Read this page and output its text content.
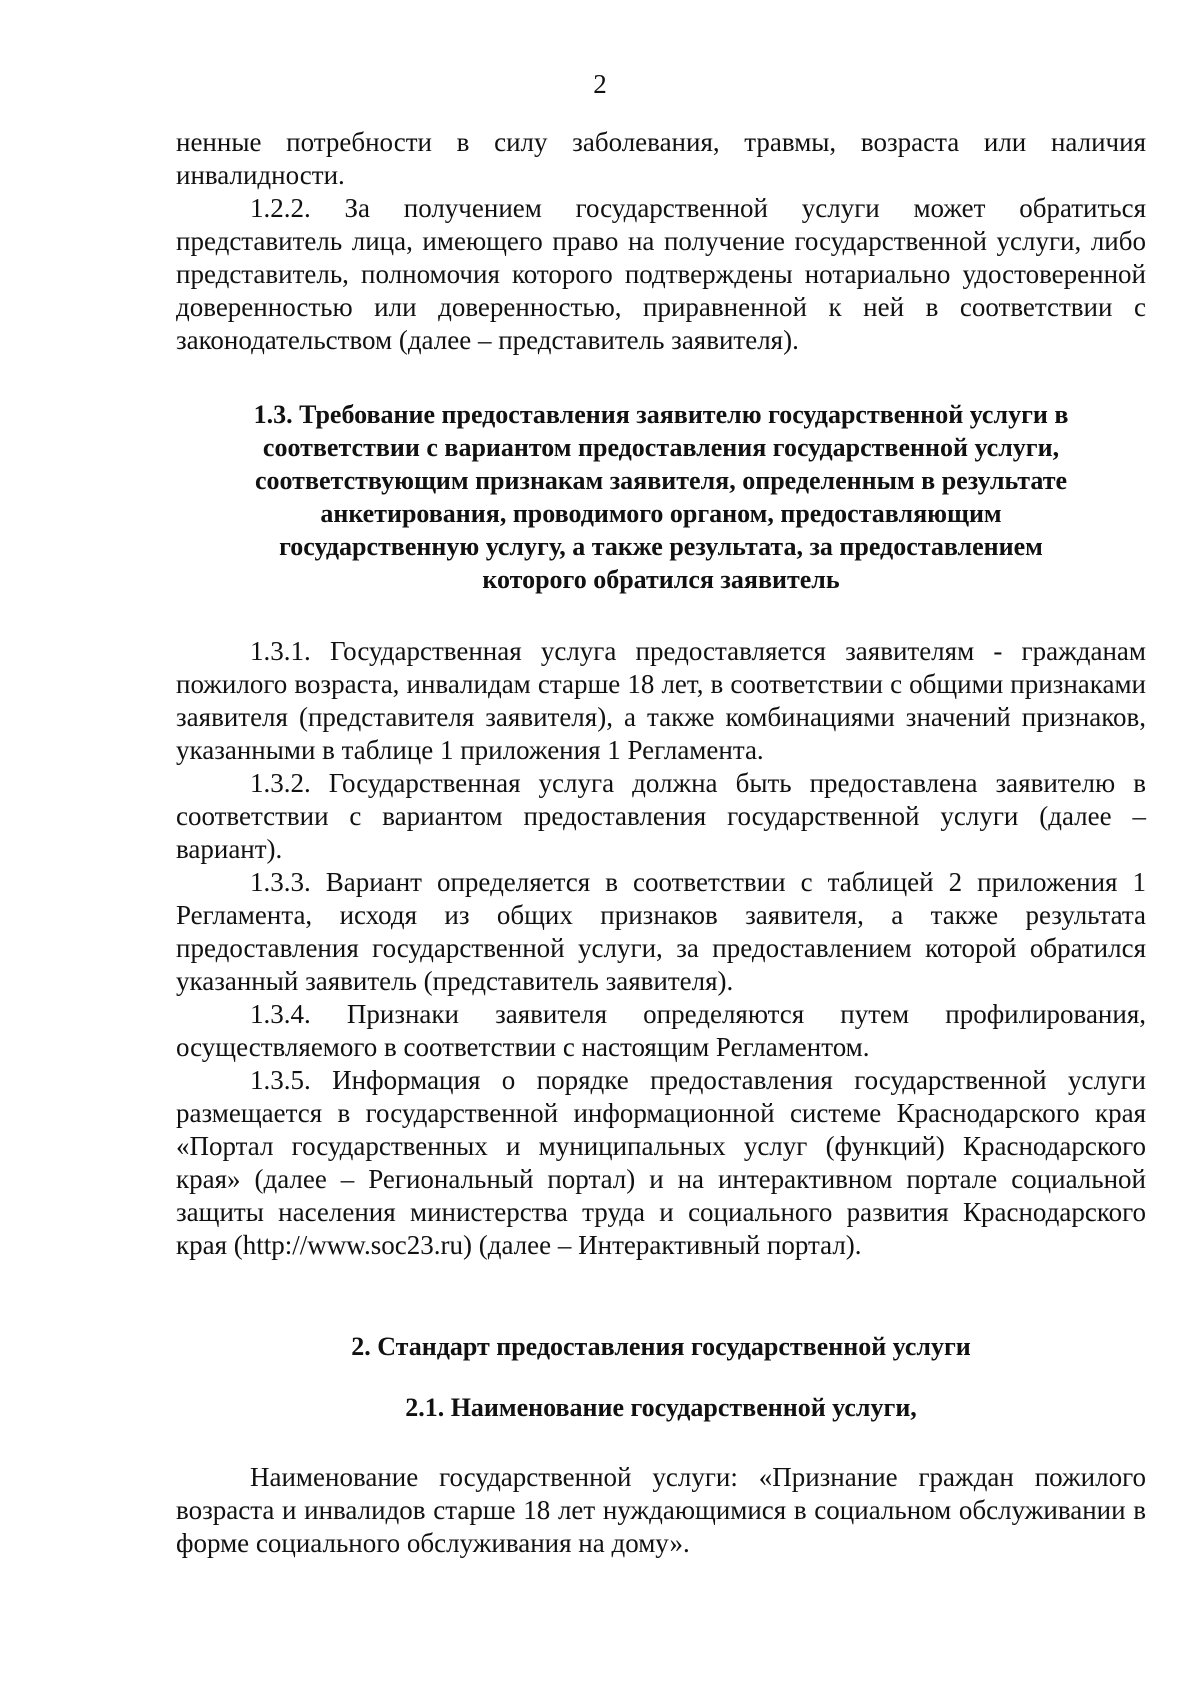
2

ненные потребности в силу заболевания, травмы, возраста или наличия инвалидности.

1.2.2. За получением государственной услуги может обратиться представитель лица, имеющего право на получение государственной услуги, либо представитель, полномочия которого подтверждены нотариально удостоверенной доверенностью или доверенностью, приравненной к ней в соответствии с законодательством (далее – представитель заявителя).

1.3. Требование предоставления заявителю государственной услуги в соответствии с вариантом предоставления государственной услуги, соответствующим признакам заявителя, определенным в результате анкетирования, проводимого органом, предоставляющим государственную услугу, а также результата, за предоставлением которого обратился заявитель

1.3.1. Государственная услуга предоставляется заявителям - гражданам пожилого возраста, инвалидам старше 18 лет, в соответствии с общими признаками заявителя (представителя заявителя), а также комбинациями значений признаков, указанными в таблице 1 приложения 1 Регламента.

1.3.2. Государственная услуга должна быть предоставлена заявителю в соответствии с вариантом предоставления государственной услуги (далее – вариант).

1.3.3. Вариант определяется в соответствии с таблицей 2 приложения 1 Регламента, исходя из общих признаков заявителя, а также результата предоставления государственной услуги, за предоставлением которой обратился указанный заявитель (представитель заявителя).

1.3.4. Признаки заявителя определяются путем профилирования, осуществляемого в соответствии с настоящим Регламентом.

1.3.5. Информация о порядке предоставления государственной услуги размещается в государственной информационной системе Краснодарского края «Портал государственных и муниципальных услуг (функций) Краснодарского края» (далее – Региональный портал) и на интерактивном портале социальной защиты населения министерства труда и социального развития Краснодарского края (http://www.soc23.ru) (далее – Интерактивный портал).

2. Стандарт предоставления государственной услуги
2.1. Наименование государственной услуги,

Наименование государственной услуги: «Признание граждан пожилого возраста и инвалидов старше 18 лет нуждающимися в социальном обслуживании в форме социального обслуживания на дому».
